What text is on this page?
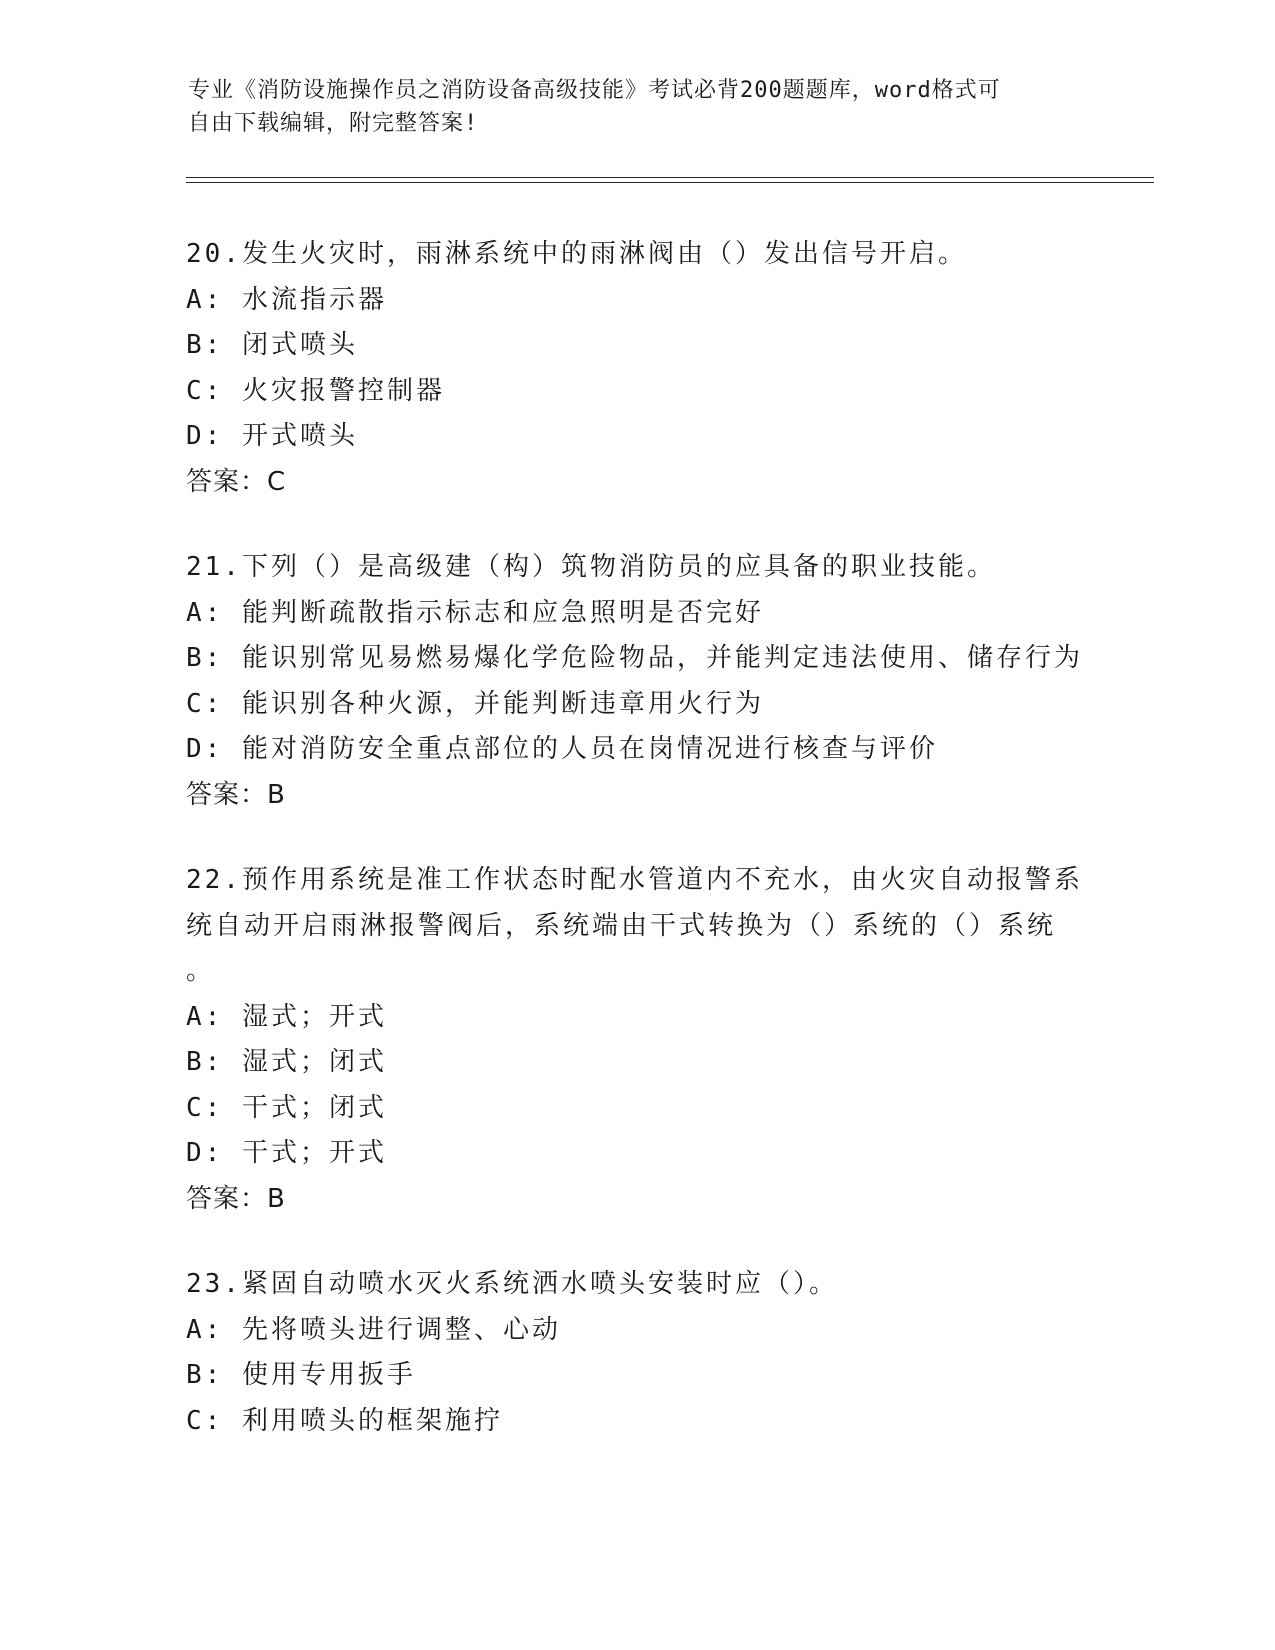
专业《消防设施操作员之消防设备高级技能》考试必背200题题库，word格式可
自由下载编辑，附完整答案!
20.发生火灾时，雨淋系统中的雨淋阀由（）发出信号开启。
A: 水流指示器
B: 闭式喷头
C: 火灾报警控制器
D: 开式喷头
答案：C
21.下列（）是高级建（构）筑物消防员的应具备的职业技能。
A: 能判断疏散指示标志和应急照明是否完好
B: 能识别常见易燃易爆化学危险物品，并能判定违法使用、储存行为
C: 能识别各种火源，并能判断违章用火行为
D: 能对消防安全重点部位的人员在岗情况进行核查与评价
答案：B
22.预作用系统是准工作状态时配水管道内不充水，由火灾自动报警系
统自动开启雨淋报警阀后，系统端由干式转换为（）系统的（）系统
。
A: 湿式；开式
B: 湿式；闭式
C: 干式；闭式
D: 干式；开式
答案：B
23.紧固自动喷水灭火系统洒水喷头安装时应（）。
A: 先将喷头进行调整、心动
B: 使用专用扳手
C: 利用喷头的框架施拧
